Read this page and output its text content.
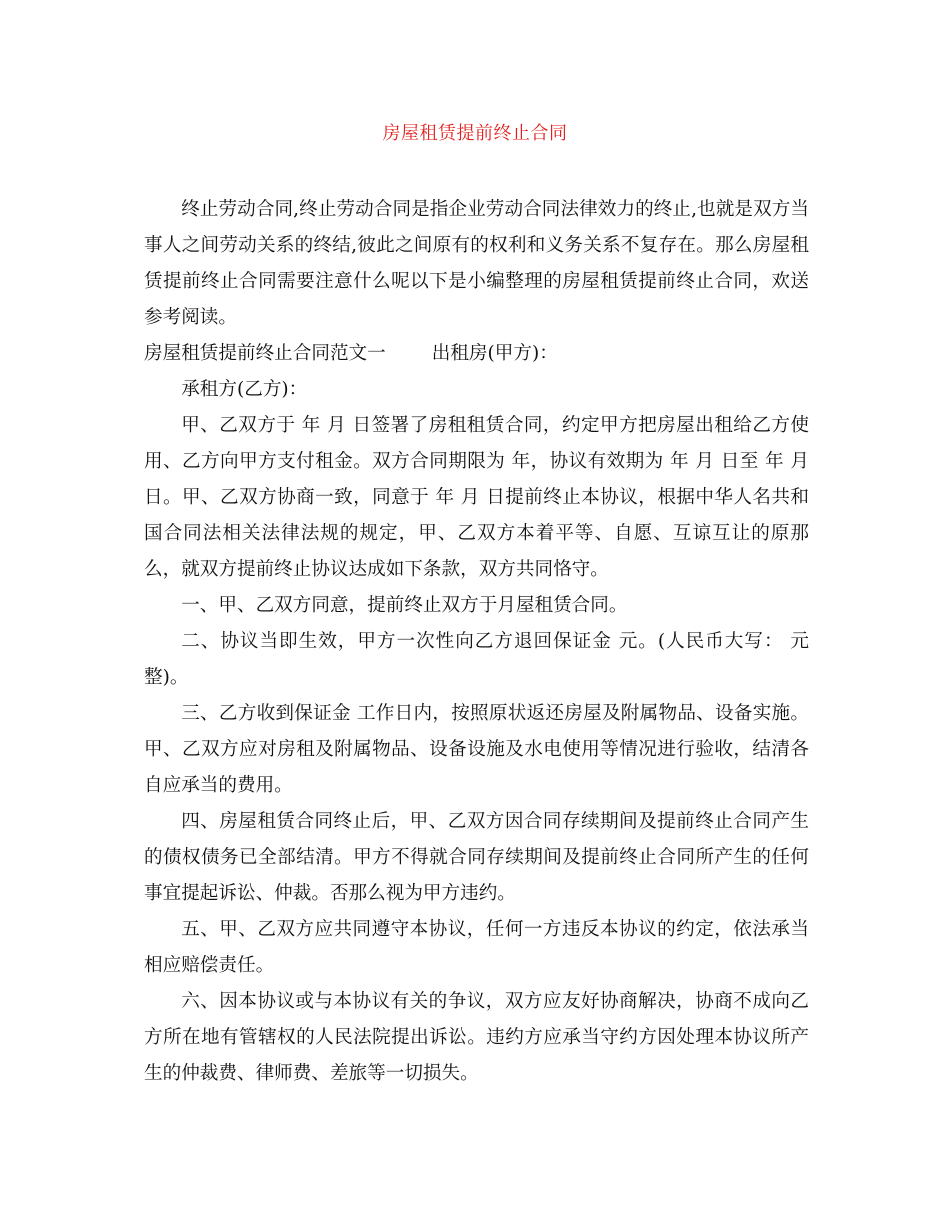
房屋租赁提前终止合同

终止劳动合同,终止劳动合同是指企业劳动合同法律效力的终止,也就是双方当事人之间劳动关系的终结,彼此之间原有的权利和义务关系不复存在。那么房屋租赁提前终止合同需要注意什么呢以下是小编整理的房屋租赁提前终止合同，欢送参考阅读。

房屋租赁提前终止合同范文一 出租房(甲方)：

承租方(乙方)：

甲、乙双方于 年 月 日签署了房租租赁合同，约定甲方把房屋出租给乙方使用、乙方向甲方支付租金。双方合同期限为 年，协议有效期为 年 月 日至 年 月 日。甲、乙双方协商一致，同意于 年 月 日提前终止本协议，根据中华人名共和国合同法相关法律法规的规定，甲、乙双方本着平等、自愿、互谅互让的原那么，就双方提前终止协议达成如下条款，双方共同恪守。

一、甲、乙双方同意，提前终止双方于月屋租赁合同。

二、协议当即生效，甲方一次性向乙方退回保证金 元。(人民币大写： 元整)。

三、乙方收到保证金 工作日内，按照原状返还房屋及附属物品、设备实施。甲、乙双方应对房租及附属物品、设备设施及水电使用等情况进行验收，结清各自应承当的费用。

四、房屋租赁合同终止后，甲、乙双方因合同存续期间及提前终止合同产生的债权债务已全部结清。甲方不得就合同存续期间及提前终止合同所产生的任何事宜提起诉讼、仲裁。否那么视为甲方违约。

五、甲、乙双方应共同遵守本协议，任何一方违反本协议的约定，依法承当相应赔偿责任。

六、因本协议或与本协议有关的争议，双方应友好协商解决，协商不成向乙方所在地有管辖权的人民法院提出诉讼。违约方应承当守约方因处理本协议所产生的仲裁费、律师费、差旅等一切损失。
